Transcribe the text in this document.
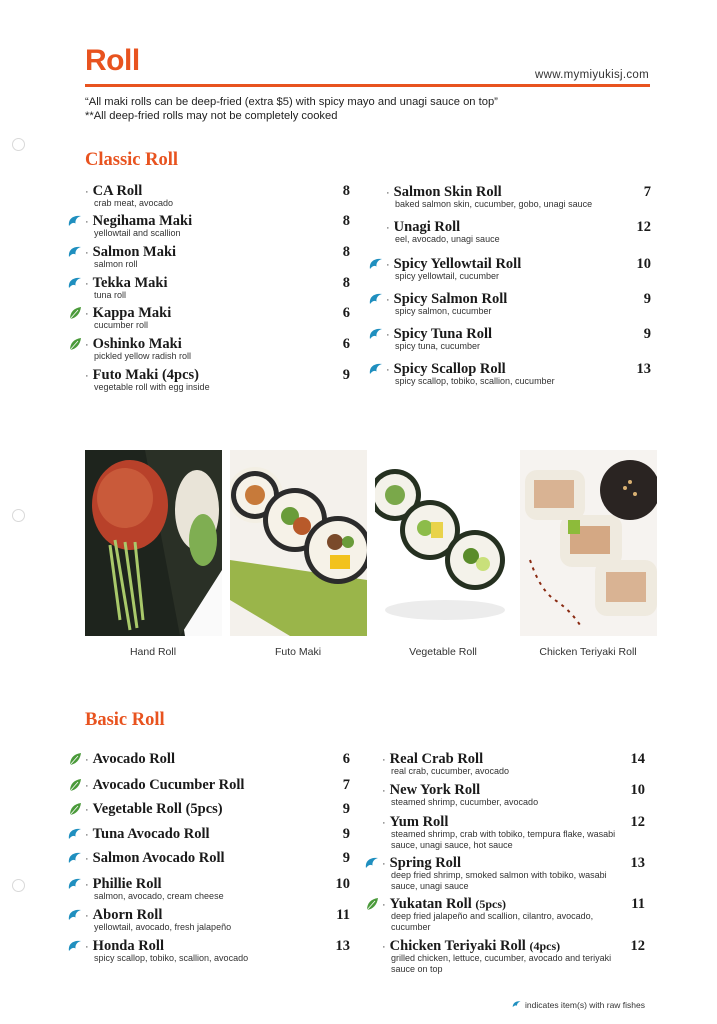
Roll	www.mymiyukisj.com
“All maki rolls can be deep-fried (extra $5) with spicy mayo and unagi sauce on top”
**All deep-fried rolls may not be completely cooked
Classic Roll
· CA Roll
crab meat, avocado
8
· Negihama Maki
yellowtail and scallion
8
· Salmon Maki
salmon roll
8
· Tekka Maki
tuna roll
8
· Kappa Maki
cucumber roll
6
· Oshinko Maki
pickled yellow radish roll
6
· Futo Maki (4pcs)
vegetable roll with egg inside
9
· Salmon Skin Roll
baked salmon skin, cucumber, gobo, unagi sauce
7
· Unagi Roll
eel, avocado, unagi sauce
12
· Spicy Yellowtail Roll
spicy yellowtail, cucumber
10
· Spicy Salmon Roll
spicy salmon, cucumber
9
· Spicy Tuna Roll
spicy tuna, cucumber
9
· Spicy Scallop Roll
spicy scallop, tobiko, scallion, cucumber
13
Hand Roll	Futo Maki	Vegetable Roll	Chicken Teriyaki Roll
Basic Roll
· Avocado Roll	6
· Avocado Cucumber Roll	7
· Vegetable Roll (5pcs)	9
· Tuna Avocado Roll	9
· Salmon Avocado Roll	9
· Phillie Roll
salmon, avocado, cream cheese
10
· Aborn Roll
yellowtail, avocado, fresh jalapeño
11
· Honda Roll
spicy scallop, tobiko, scallion, avocado
13
· Real Crab Roll
real crab, cucumber, avocado
14
· New York Roll
steamed shrimp, cucumber, avocado
10
· Yum Roll
steamed shrimp, crab with tobiko, tempura flake, wasabi sauce, unagi sauce, hot sauce
12
· Spring Roll
deep fried shrimp, smoked salmon with tobiko, wasabi sauce, unagi sauce
13
· Yukatan Roll (5pcs)
deep fried jalapeño and scallion, cilantro, avocado, cucumber
11
· Chicken Teriyaki Roll (4pcs)
grilled chicken, lettuce, cucumber, avocado and teriyaki sauce on top
12
indicates item(s) with raw fishes
